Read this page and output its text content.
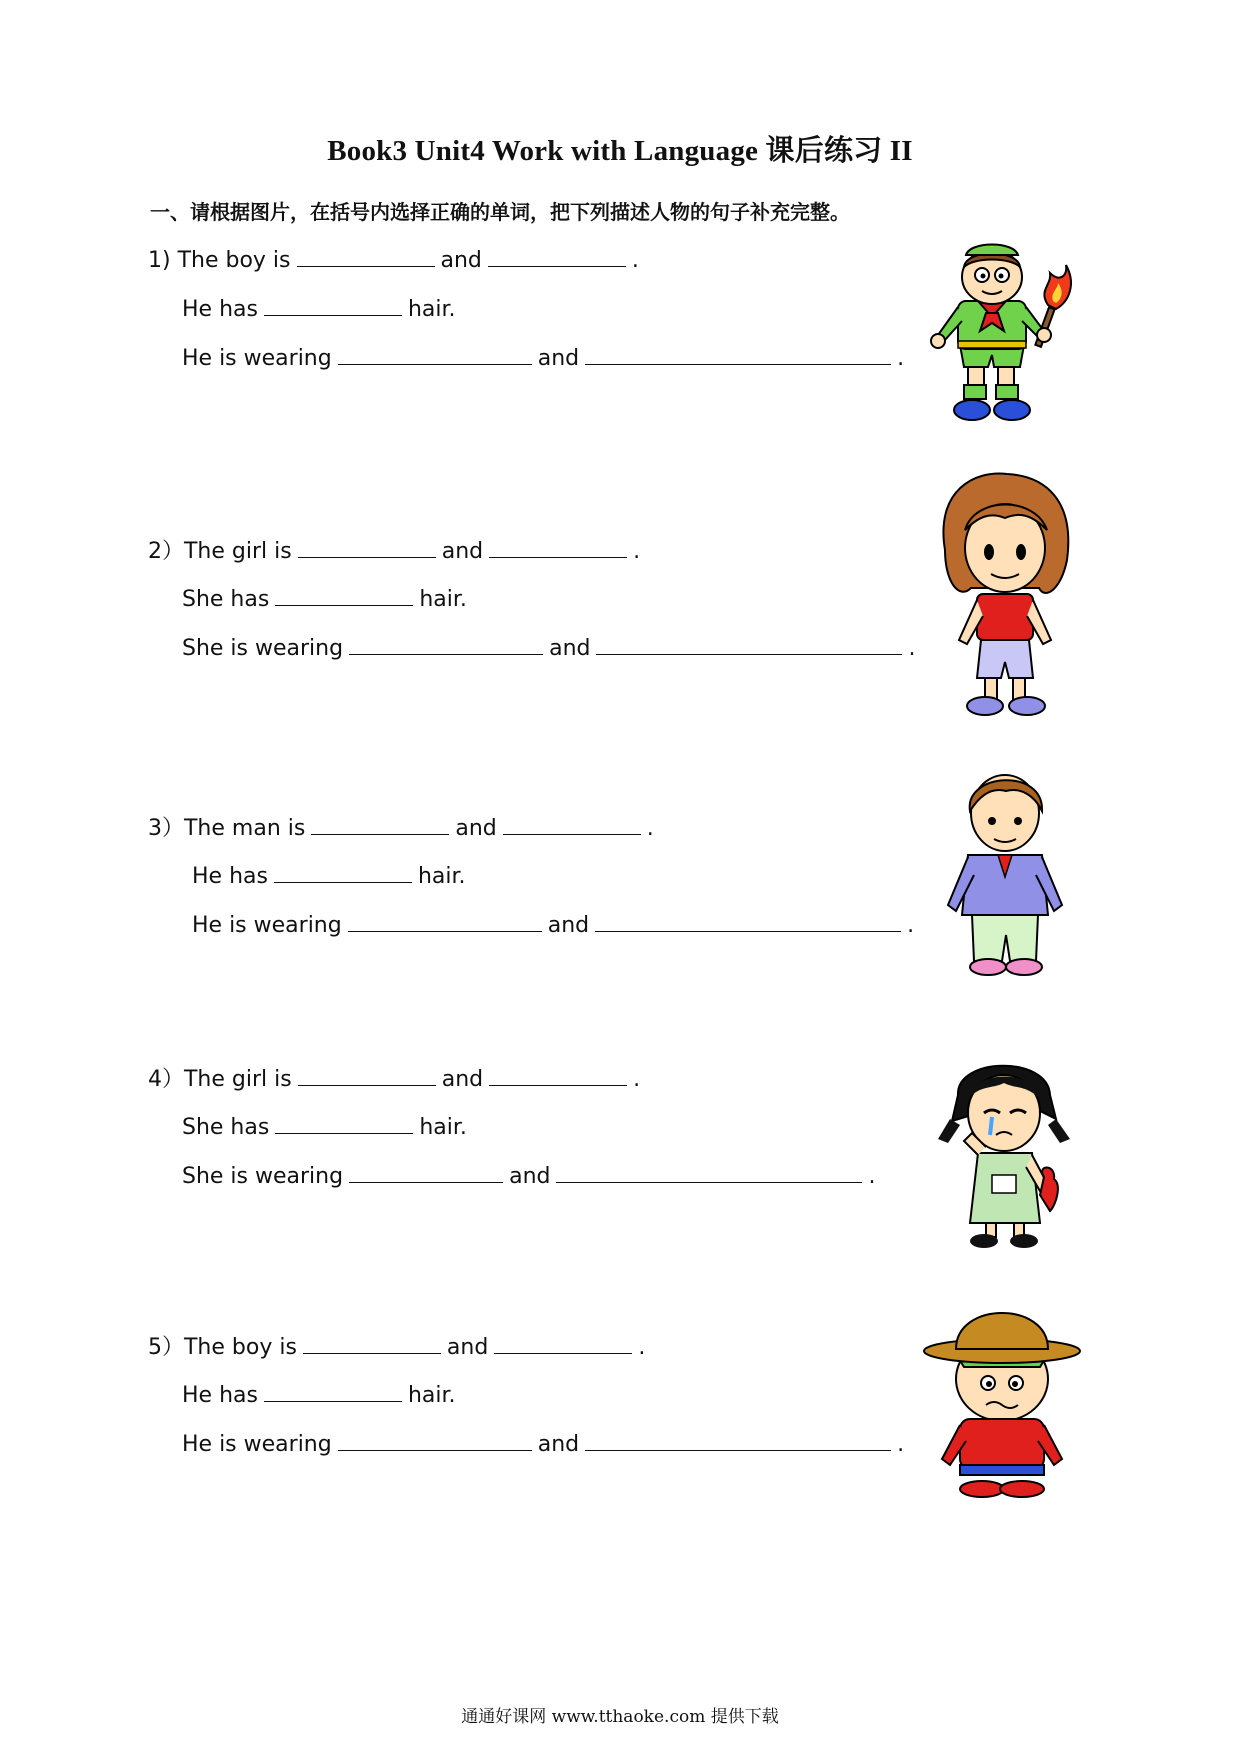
Book3 Unit4 Work with Language 课后练习 II
一、请根据图片，在括号内选择正确的单词，把下列描述人物的句子补充完整。
1) The boy is	and	.
He has	hair.
He is wearing	and	.
2）The girl is	and	.
She has	hair.
She is wearing	and	.
3）The man is	and	.
He has	hair.
He is wearing	and	.
4）The girl is	and	.
She has	hair.
She is wearing	and	.
5）The boy is	and	.
He has	hair.
He is wearing	and	.
通通好课网 www.tthaoke.com 提供下载
